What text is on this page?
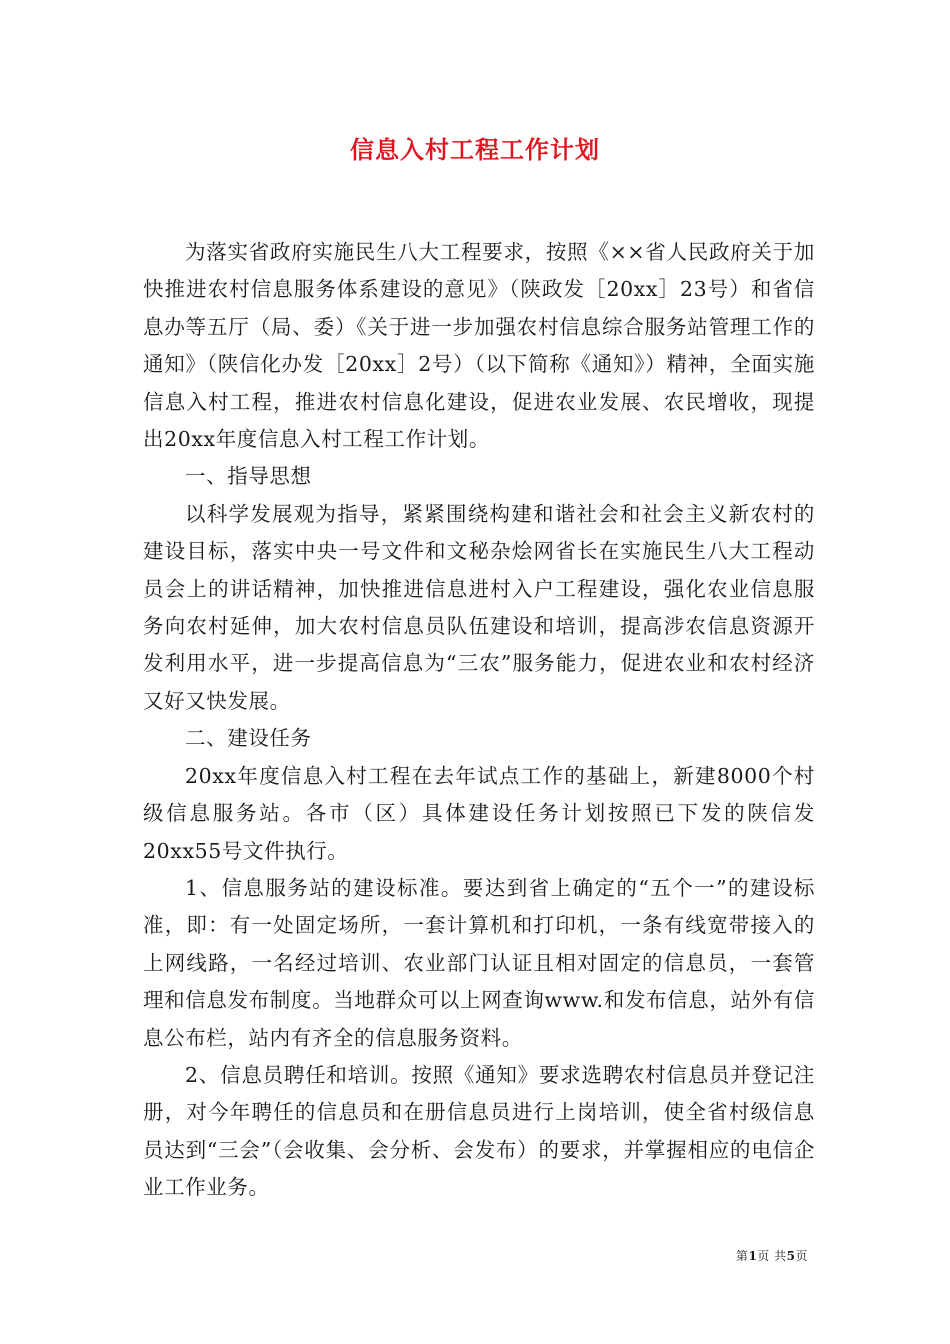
信息入村工程工作计划

为落实省政府实施民生八大工程要求，按照《××省人民政府关于加快推进农村信息服务体系建设的意见》（陕政发［20xx］23号）和省信息办等五厅（局、委）《关于进一步加强农村信息综合服务站管理工作的通知》（陕信化办发［20xx］2号）（以下简称《通知》）精神，全面实施信息入村工程，推进农村信息化建设，促进农业发展、农民增收，现提出20xx年度信息入村工程工作计划。

一、指导思想

以科学发展观为指导，紧紧围绕构建和谐社会和社会主义新农村的建设目标，落实中央一号文件和文秘杂烩网省长在实施民生八大工程动员会上的讲话精神，加快推进信息进村入户工程建设，强化农业信息服务向农村延伸，加大农村信息员队伍建设和培训，提高涉农信息资源开发利用水平，进一步提高信息为“三农”服务能力，促进农业和农村经济又好又快发展。

二、建设任务

20xx年度信息入村工程在去年试点工作的基础上，新建8000个村级信息服务站。各市（区）具体建设任务计划按照已下发的陕信发20xx55号文件执行。

1、信息服务站的建设标准。要达到省上确定的“五个一”的建设标准，即：有一处固定场所，一套计算机和打印机，一条有线宽带接入的上网线路，一名经过培训、农业部门认证且相对固定的信息员，一套管理和信息发布制度。当地群众可以上网查询www.和发布信息，站外有信息公布栏，站内有齐全的信息服务资料。

2、信息员聘任和培训。按照《通知》要求选聘农村信息员并登记注册，对今年聘任的信息员和在册信息员进行上岗培训，使全省村级信息员达到“三会”（会收集、会分析、会发布）的要求，并掌握相应的电信企业工作业务。

第1页 共5页
